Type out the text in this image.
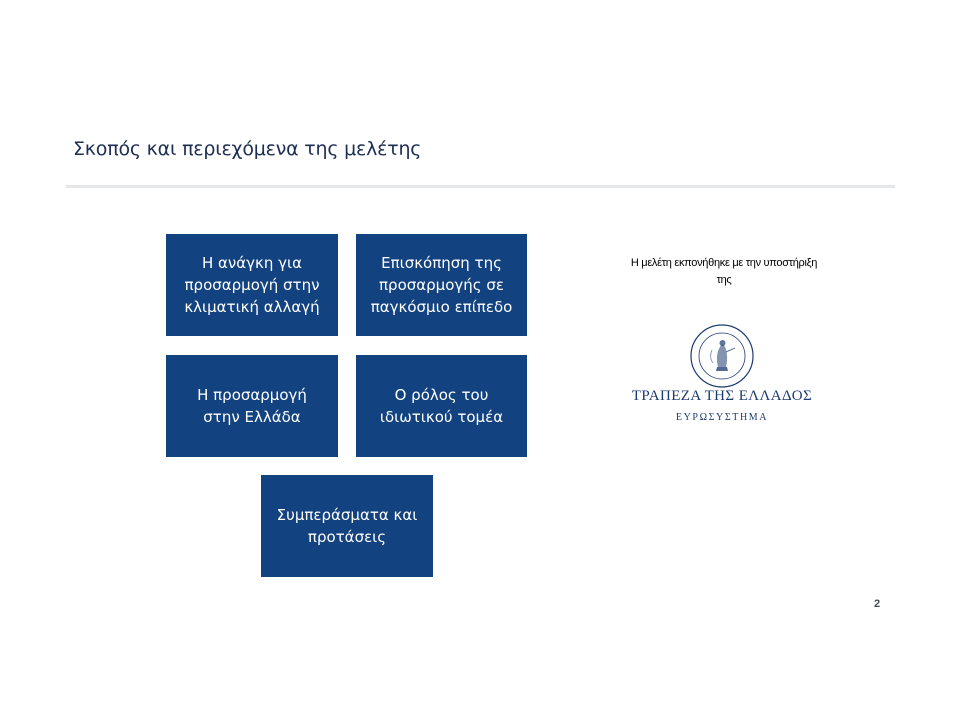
Σκοπός και περιεχόμενα της μελέτης
Η ανάγκη για
προσαρμογή στην
κλιματική αλλαγή
Επισκόπηση της
προσαρμογής σε
παγκόσμιο επίπεδο
Η προσαρμογή
στην Ελλάδα
Ο ρόλος του
ιδιωτικού τομέα
Συμπεράσματα και
προτάσεις
Η μελέτη εκπονήθηκε με την υποστήριξη
της
ΤΡΑΠΕΖΑ ΤΗΣ ΕΛΛΑΔΟΣ
ΕΥΡΩΣΥΣΤΗΜΑ
2
